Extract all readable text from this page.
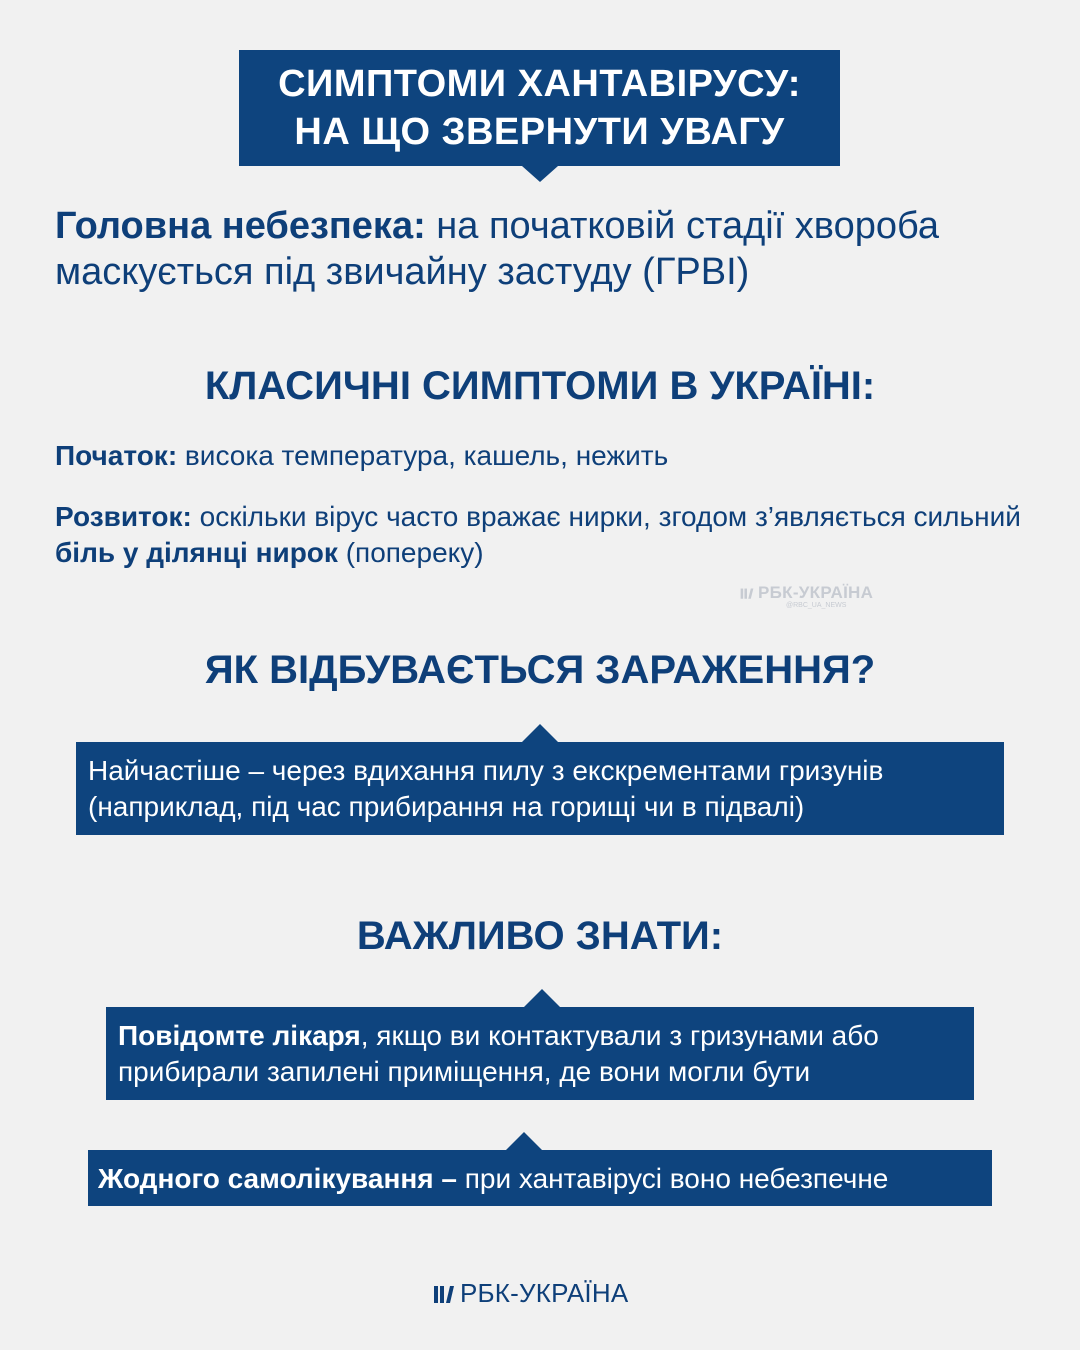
СИМПТОМИ ХАНТАВІРУСУ:
НА ЩО ЗВЕРНУТИ УВАГУ
Головна небезпека: на початковій стадії хвороба маскується під звичайну застуду (ГРВІ)
КЛАСИЧНІ СИМПТОМИ В УКРАЇНІ:
Початок: висока температура, кашель, нежить
Розвиток: оскільки вірус часто вражає нирки, згодом з’являється сильний біль у ділянці нирок (попереку)
РБК-УКРАЇНА
@RBC_UA_NEWS
ЯК ВІДБУВАЄТЬСЯ ЗАРАЖЕННЯ?
Найчастіше – через вдихання пилу з екскрементами гризунів (наприклад, під час прибирання на горищі чи в підвалі)
ВАЖЛИВО ЗНАТИ:
Повідомте лікаря, якщо ви контактували з гризунами або прибирали запилені приміщення, де вони могли бути
Жодного самолікування – при хантавірусі воно небезпечне
РБК-УКРАЇНА
